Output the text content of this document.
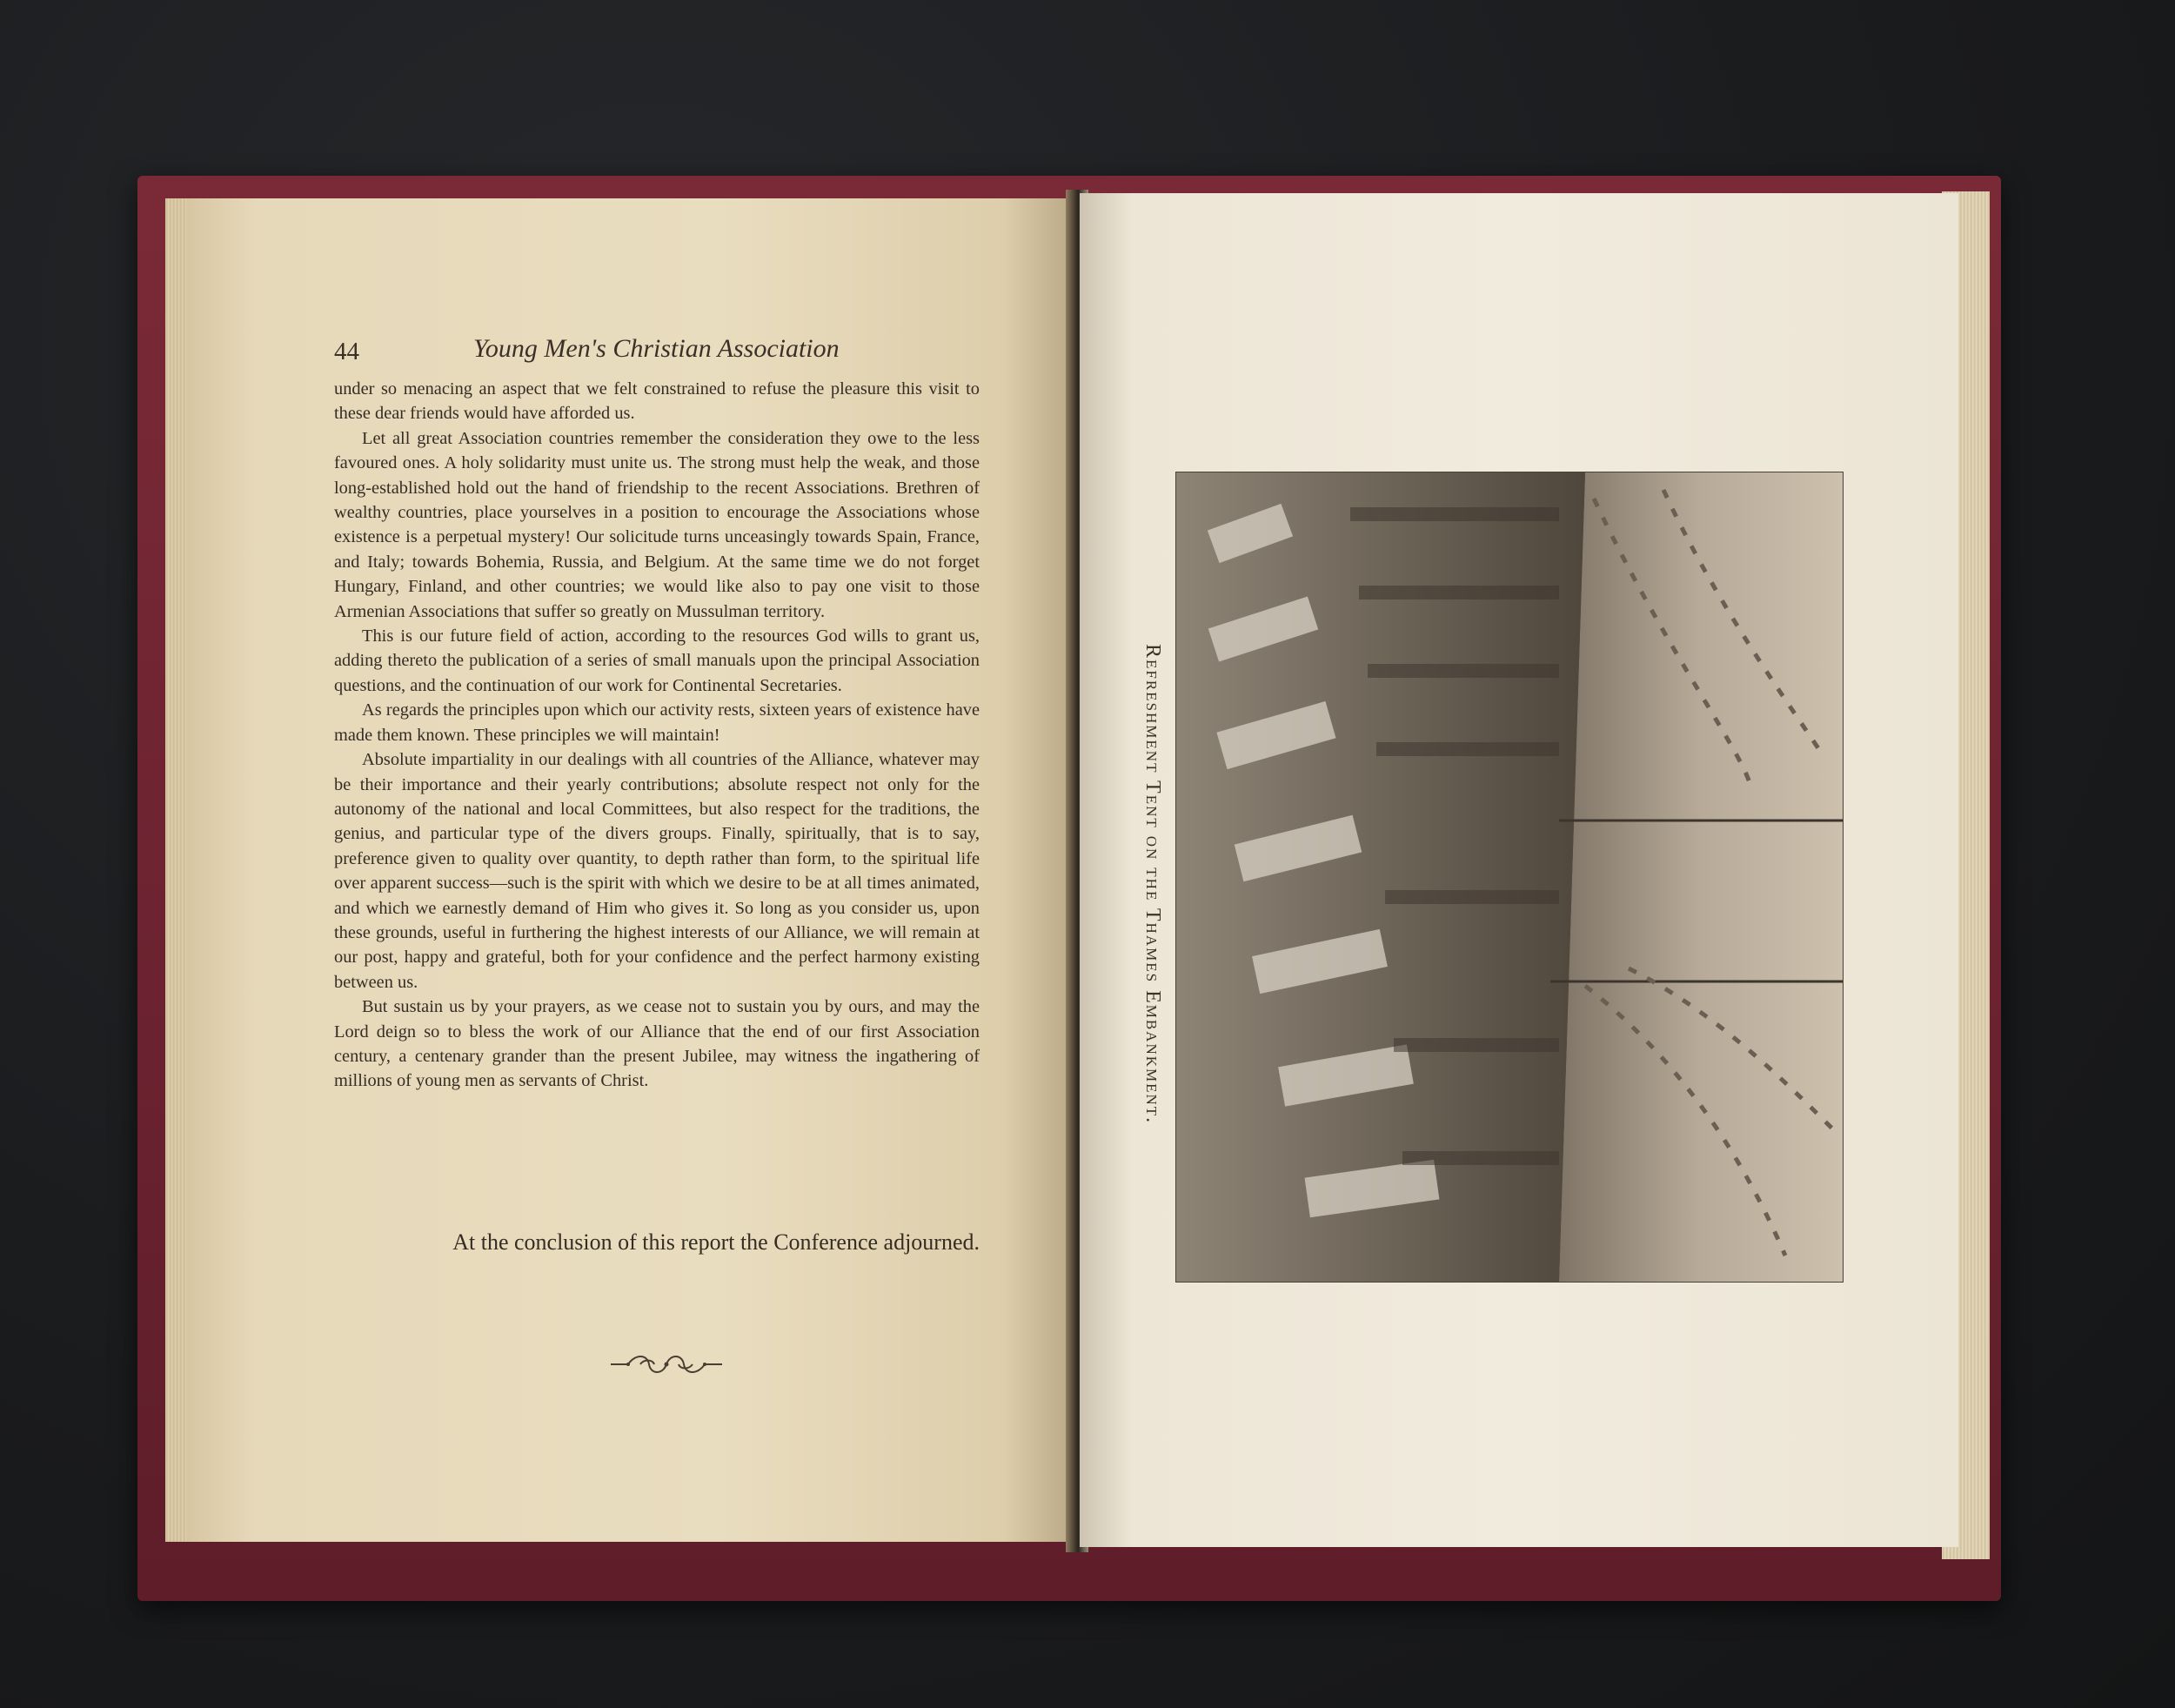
44	Young Men's Christian Association

under so menacing an aspect that we felt constrained to refuse the pleasure this visit to these dear friends would have afforded us.

Let all great Association countries remember the consideration they owe to the less favoured ones. A holy solidarity must unite us. The strong must help the weak, and those long-established hold out the hand of friendship to the recent Associations. Brethren of wealthy countries, place yourselves in a position to encourage the Associations whose existence is a perpetual mystery! Our solicitude turns unceasingly towards Spain, France, and Italy; towards Bohemia, Russia, and Belgium. At the same time we do not forget Hungary, Finland, and other countries; we would like also to pay one visit to those Armenian Associations that suffer so greatly on Mussulman territory.

This is our future field of action, according to the resources God wills to grant us, adding thereto the publication of a series of small manuals upon the principal Association questions, and the continuation of our work for Continental Secretaries.

As regards the principles upon which our activity rests, sixteen years of existence have made them known. These principles we will maintain!

Absolute impartiality in our dealings with all countries of the Alliance, whatever may be their importance and their yearly contributions; absolute respect not only for the autonomy of the national and local Committees, but also respect for the traditions, the genius, and particular type of the divers groups. Finally, spiritually, that is to say, preference given to quality over quantity, to depth rather than form, to the spiritual life over apparent success—such is the spirit with which we desire to be at all times animated, and which we earnestly demand of Him who gives it. So long as you consider us, upon these grounds, useful in furthering the highest interests of our Alliance, we will remain at our post, happy and grateful, both for your confidence and the perfect harmony existing between us.

But sustain us by your prayers, as we cease not to sustain you by ours, and may the Lord deign so to bless the work of our Alliance that the end of our first Association century, a centenary grander than the present Jubilee, may witness the ingathering of millions of young men as servants of Christ.

At the conclusion of this report the Conference adjourned.
Refreshment Tent on the Thames Embankment.
